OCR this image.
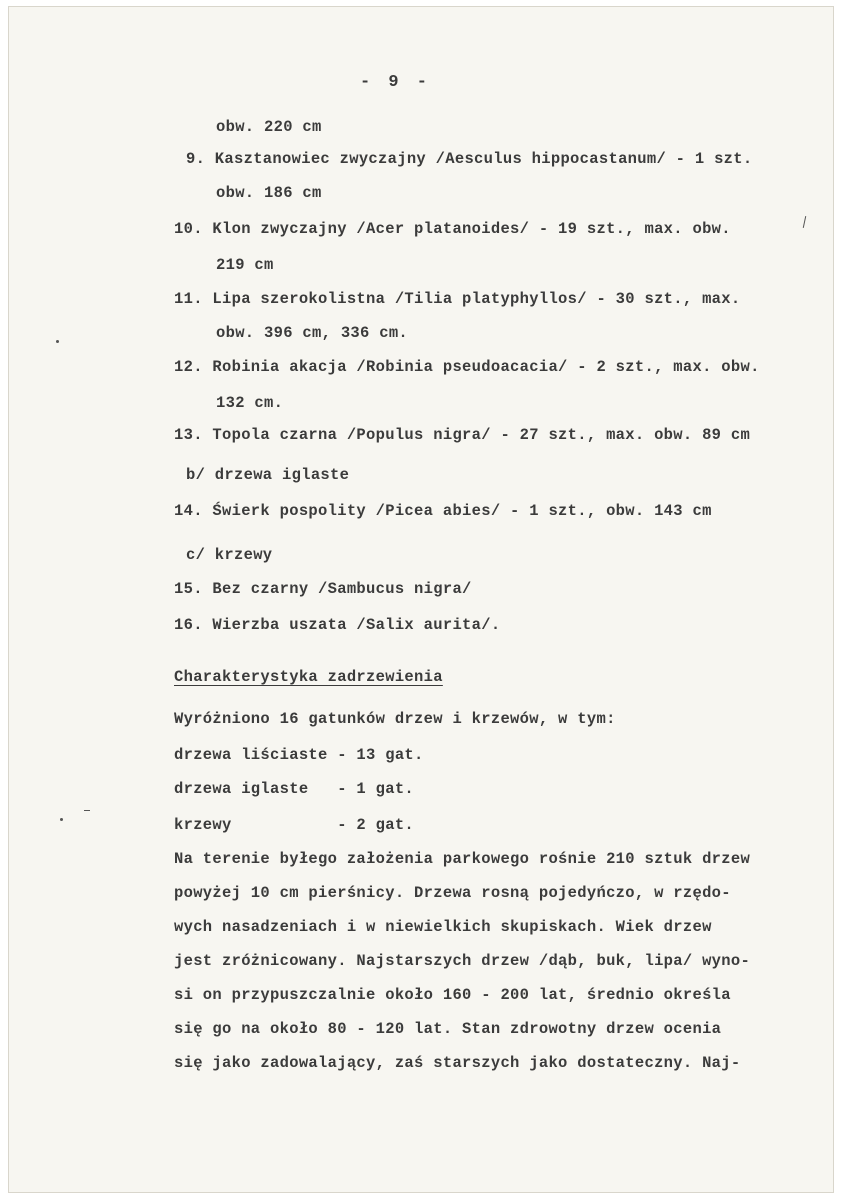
- 9 -
obw. 220 cm
9. Kasztanowiec zwyczajny /Aesculus hippocastanum/ - 1 szt.
obw. 186 cm
10. Klon zwyczajny /Acer platanoides/ - 19 szt., max. obw.
219 cm
11. Lipa szerokolistna /Tilia platyphyllos/ - 30 szt., max.
obw. 396 cm, 336 cm.
12. Robinia akacja /Robinia pseudoacacia/ - 2 szt., max. obw.
132 cm.
13. Topola czarna /Populus nigra/ - 27 szt., max. obw. 89 cm
b/ drzewa iglaste
14. Świerk pospolity /Picea abies/ - 1 szt., obw. 143 cm
c/ krzewy
15. Bez czarny /Sambucus nigra/
16. Wierzba uszata /Salix aurita/.
Charakterystyka zadrzewienia
Wyróżniono 16 gatunków drzew i krzewów, w tym:
drzewa liściaste - 13 gat.
drzewa iglaste   - 1 gat.
krzewy           - 2 gat.
Na terenie byłego założenia parkowego rośnie 210 sztuk drzew
powyżej 10 cm pierśnicy. Drzewa rosną pojedyńczo, w rzędo-
wych nasadzeniach i w niewielkich skupiskach. Wiek drzew
jest zróżnicowany. Najstarszych drzew /dąb, buk, lipa/ wyno-
si on przypuszczalnie około 160 - 200 lat, średnio określa
się go na około 80 - 120 lat. Stan zdrowotny drzew ocenia
się jako zadowalający, zaś starszych jako dostateczny. Naj-
